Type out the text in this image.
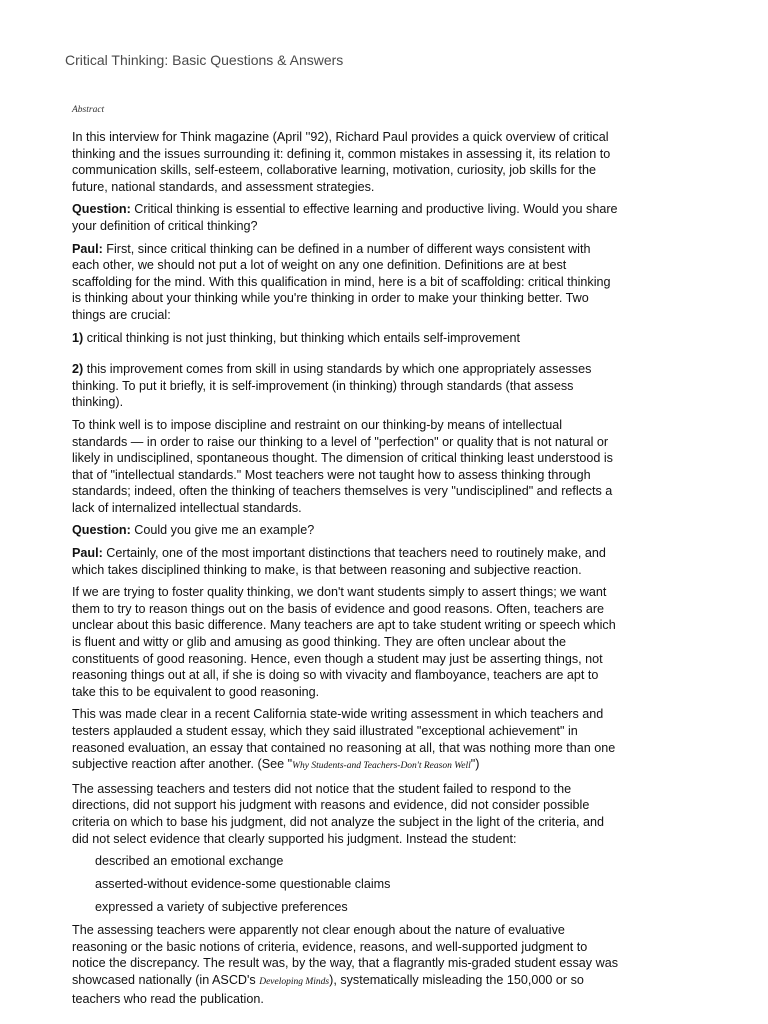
Critical Thinking: Basic Questions & Answers
Abstract

In this interview for Think magazine (April ''92), Richard Paul provides a quick overview of critical thinking and the issues surrounding it: defining it, common mistakes in assessing it, its relation to communication skills, self-esteem, collaborative learning, motivation, curiosity, job skills for the future, national standards, and assessment strategies.

Question: Critical thinking is essential to effective learning and productive living. Would you share your definition of critical thinking?

Paul: First, since critical thinking can be defined in a number of different ways consistent with each other, we should not put a lot of weight on any one definition. Definitions are at best scaffolding for the mind. With this qualification in mind, here is a bit of scaffolding: critical thinking is thinking about your thinking while you're thinking in order to make your thinking better. Two things are crucial:

1) critical thinking is not just thinking, but thinking which entails self-improvement

2) this improvement comes from skill in using standards by which one appropriately assesses thinking. To put it briefly, it is self-improvement (in thinking) through standards (that assess thinking).

To think well is to impose discipline and restraint on our thinking-by means of intellectual standards — in order to raise our thinking to a level of "perfection" or quality that is not natural or likely in undisciplined, spontaneous thought. The dimension of critical thinking least understood is that of "intellectual standards." Most teachers were not taught how to assess thinking through standards; indeed, often the thinking of teachers themselves is very "undisciplined" and reflects a lack of internalized intellectual standards.

Question: Could you give me an example?

Paul: Certainly, one of the most important distinctions that teachers need to routinely make, and which takes disciplined thinking to make, is that between reasoning and subjective reaction.

If we are trying to foster quality thinking, we don't want students simply to assert things; we want them to try to reason things out on the basis of evidence and good reasons. Often, teachers are unclear about this basic difference. Many teachers are apt to take student writing or speech which is fluent and witty or glib and amusing as good thinking. They are often unclear about the constituents of good reasoning. Hence, even though a student may just be asserting things, not reasoning things out at all, if she is doing so with vivacity and flamboyance, teachers are apt to take this to be equivalent to good reasoning.

This was made clear in a recent California state-wide writing assessment in which teachers and testers applauded a student essay, which they said illustrated "exceptional achievement" in reasoned evaluation, an essay that contained no reasoning at all, that was nothing more than one subjective reaction after another. (See "Why Students-and Teachers-Don't Reason Well")

The assessing teachers and testers did not notice that the student failed to respond to the directions, did not support his judgment with reasons and evidence, did not consider possible criteria on which to base his judgment, did not analyze the subject in the light of the criteria, and did not select evidence that clearly supported his judgment. Instead the student:

described an emotional exchange
asserted-without evidence-some questionable claims
expressed a variety of subjective preferences

The assessing teachers were apparently not clear enough about the nature of evaluative reasoning or the basic notions of criteria, evidence, reasons, and well-supported judgment to notice the discrepancy. The result was, by the way, that a flagrantly mis-graded student essay was showcased nationally (in ASCD's Developing Minds), systematically misleading the 150,000 or so teachers who read the publication.
